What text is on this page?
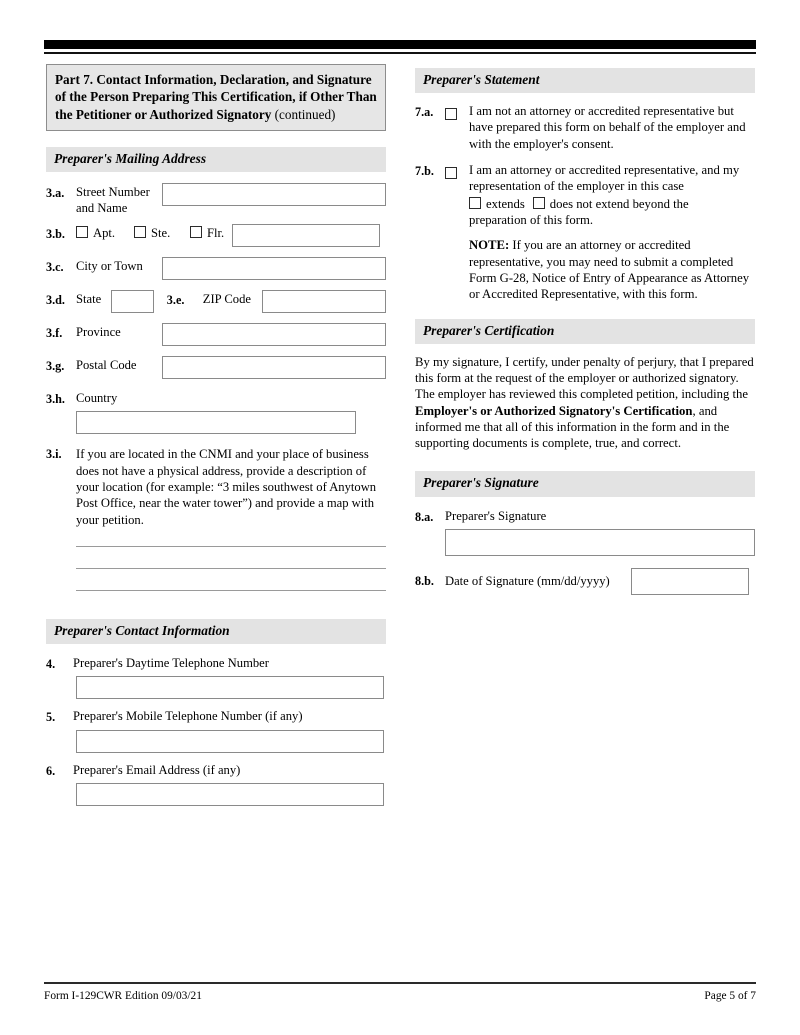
Part 7. Contact Information, Declaration, and Signature of the Person Preparing This Certification, if Other Than the Petitioner or Authorized Signatory (continued)
Preparer's Mailing Address
3.a. Street Number
and Name
3.b.	Apt.	Ste.	Flr.
3.c. City or Town
3.d. State	3.e.	ZIP Code
3.f.	Province
3.g. Postal Code
3.h. Country
3.i.	If you are located in the CNMI and your place of business does not have a physical address, provide a description of your location (for example: “3 miles southwest of Anytown Post Office, near the water tower”) and provide a map with your petition.
Preparer's Contact Information
4.	Preparer's Daytime Telephone Number
5.	Preparer's Mobile Telephone Number (if any)
6.	Preparer's Email Address (if any)
Preparer's Statement
7.a.	I am not an attorney or accredited representative but have prepared this form on behalf of the employer and with the employer's consent.
7.b.	I am an attorney or accredited representative, and my representation of the employer in this case
extends does not extend beyond the
preparation of this form.
NOTE: If you are an attorney or accredited representative, you may need to submit a completed Form G-28, Notice of Entry of Appearance as Attorney or Accredited Representative, with this form.
Preparer's Certification
By my signature, I certify, under penalty of perjury, that I prepared this form at the request of the employer or authorized signatory. The employer has reviewed this completed petition, including the Employer's or Authorized Signatory's Certification, and informed me that all of this information in the form and in the supporting documents is complete, true, and correct.
Preparer's Signature
8.a. Preparer's Signature
8.b. Date of Signature (mm/dd/yyyy)
Form I-129CWR Edition 09/03/21	Page 5 of 7
